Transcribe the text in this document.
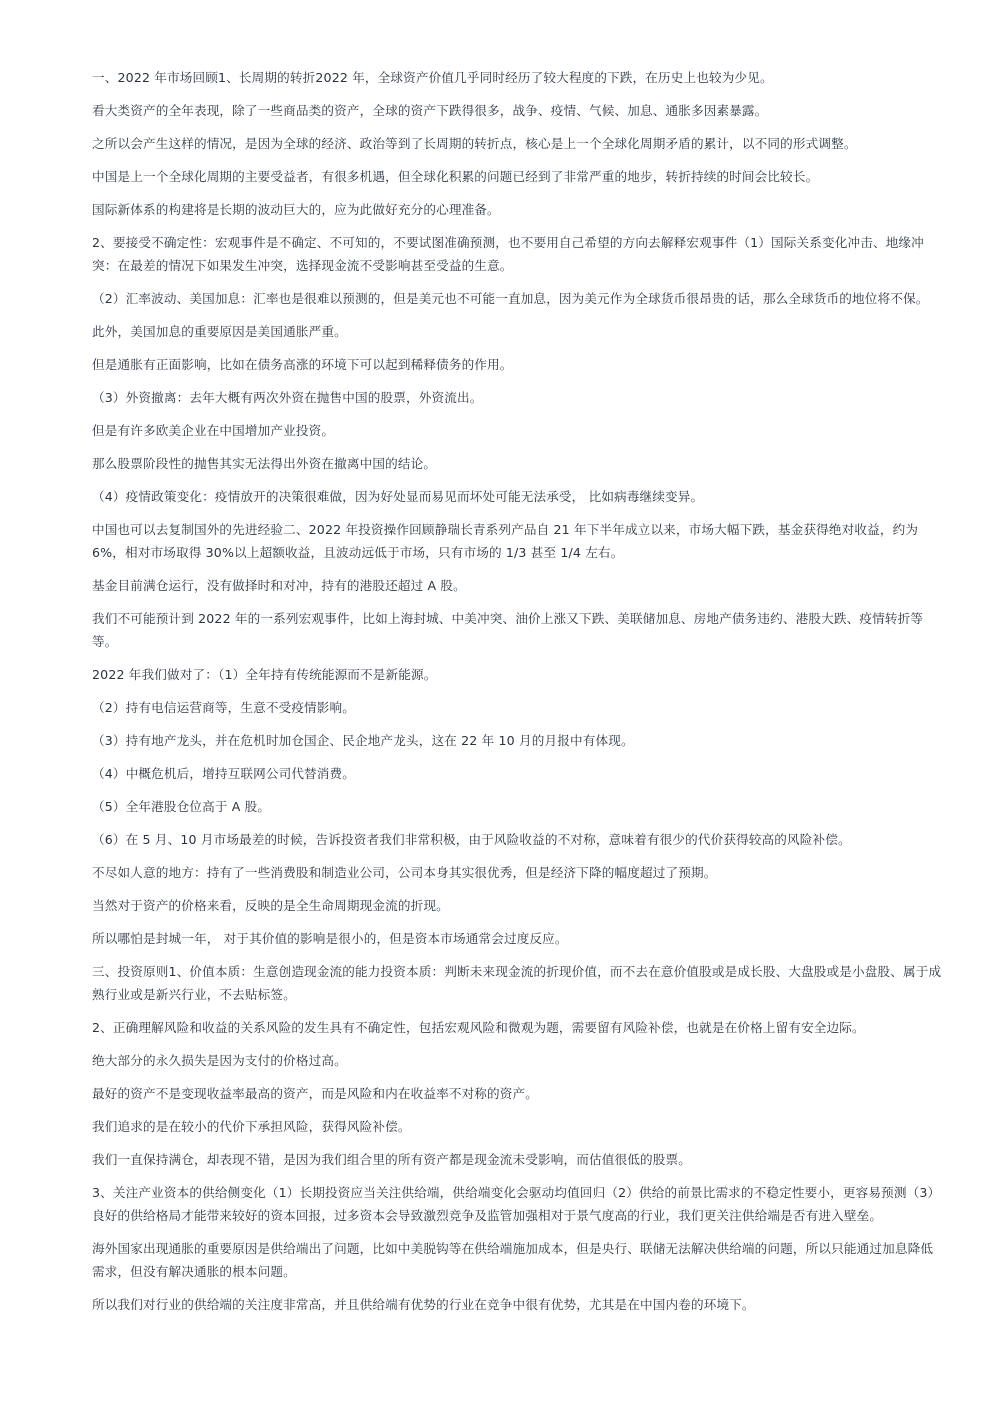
一、2022 年市场回顾1、长周期的转折2022 年，全球资产价值几乎同时经历了较大程度的下跌，在历史上也较为少见。

看大类资产的全年表现，除了一些商品类的资产，全球的资产下跌得很多，战争、疫情、气候、加息、通胀多因素暴露。

之所以会产生这样的情况，是因为全球的经济、政治等到了长周期的转折点，核心是上一个全球化周期矛盾的累计，以不同的形式调整。

中国是上一个全球化周期的主要受益者，有很多机遇，但全球化积累的问题已经到了非常严重的地步，转折持续的时间会比较长。

国际新体系的构建将是长期的波动巨大的，应为此做好充分的心理准备。

2、要接受不确定性：宏观事件是不确定、不可知的，不要试图准确预测，也不要用自己希望的方向去解释宏观事件（1）国际关系变化冲击、地缘冲突：在最差的情况下如果发生冲突，选择现金流不受影响甚至受益的生意。

（2）汇率波动、美国加息：汇率也是很难以预测的，但是美元也不可能一直加息，因为美元作为全球货币很昂贵的话，那么全球货币的地位将不保。

此外，美国加息的重要原因是美国通胀严重。

但是通胀有正面影响，比如在债务高涨的环境下可以起到稀释债务的作用。

（3）外资撤离：去年大概有两次外资在抛售中国的股票，外资流出。

但是有许多欧美企业在中国增加产业投资。

那么股票阶段性的抛售其实无法得出外资在撤离中国的结论。

（4）疫情政策变化：疫情放开的决策很难做，因为好处显而易见而坏处可能无法承受， 比如病毒继续变异。

中国也可以去复制国外的先进经验二、2022 年投资操作回顾静瑞长青系列产品自 21 年下半年成立以来，市场大幅下跌，基金获得绝对收益，约为6%，相对市场取得 30%以上超额收益，且波动远低于市场，只有市场的 1/3 甚至 1/4 左右。

基金目前满仓运行，没有做择时和对冲，持有的港股还超过 A 股。

我们不可能预计到 2022 年的一系列宏观事件，比如上海封城、中美冲突、油价上涨又下跌、美联储加息、房地产债务违约、港股大跌、疫情转折等等。

2022 年我们做对了：（1）全年持有传统能源而不是新能源。

（2）持有电信运营商等，生意不受疫情影响。

（3）持有地产龙头，并在危机时加仓国企、民企地产龙头，这在 22 年 10 月的月报中有体现。

（4）中概危机后，增持互联网公司代替消费。

（5）全年港股仓位高于 A 股。

（6）在 5 月、10 月市场最差的时候，告诉投资者我们非常积极，由于风险收益的不对称，意味着有很少的代价获得较高的风险补偿。

不尽如人意的地方：持有了一些消费股和制造业公司，公司本身其实很优秀，但是经济下降的幅度超过了预期。

当然对于资产的价格来看，反映的是全生命周期现金流的折现。

所以哪怕是封城一年， 对于其价值的影响是很小的，但是资本市场通常会过度反应。

三、投资原则1、价值本质：生意创造现金流的能力投资本质：判断未来现金流的折现价值，而不去在意价值股或是成长股、大盘股或是小盘股、属于成熟行业或是新兴行业，不去贴标签。

2、正确理解风险和收益的关系风险的发生具有不确定性，包括宏观风险和微观为题，需要留有风险补偿，也就是在价格上留有安全边际。

绝大部分的永久损失是因为支付的价格过高。

最好的资产不是变现收益率最高的资产，而是风险和内在收益率不对称的资产。

我们追求的是在较小的代价下承担风险，获得风险补偿。

我们一直保持满仓，却表现不错，是因为我们组合里的所有资产都是现金流未受影响，而估值很低的股票。

3、关注产业资本的供给侧变化（1）长期投资应当关注供给端，供给端变化会驱动均值回归（2）供给的前景比需求的不稳定性要小，更容易预测（3）良好的供给格局才能带来较好的资本回报，过多资本会导致激烈竞争及监管加强相对于景气度高的行业，我们更关注供给端是否有进入壁垒。

海外国家出现通胀的重要原因是供给端出了问题，比如中美脱钩等在供给端施加成本，但是央行、联储无法解决供给端的问题，所以只能通过加息降低需求，但没有解决通胀的根本问题。

所以我们对行业的供给端的关注度非常高，并且供给端有优势的行业在竞争中很有优势，尤其是在中国内卷的环境下。
